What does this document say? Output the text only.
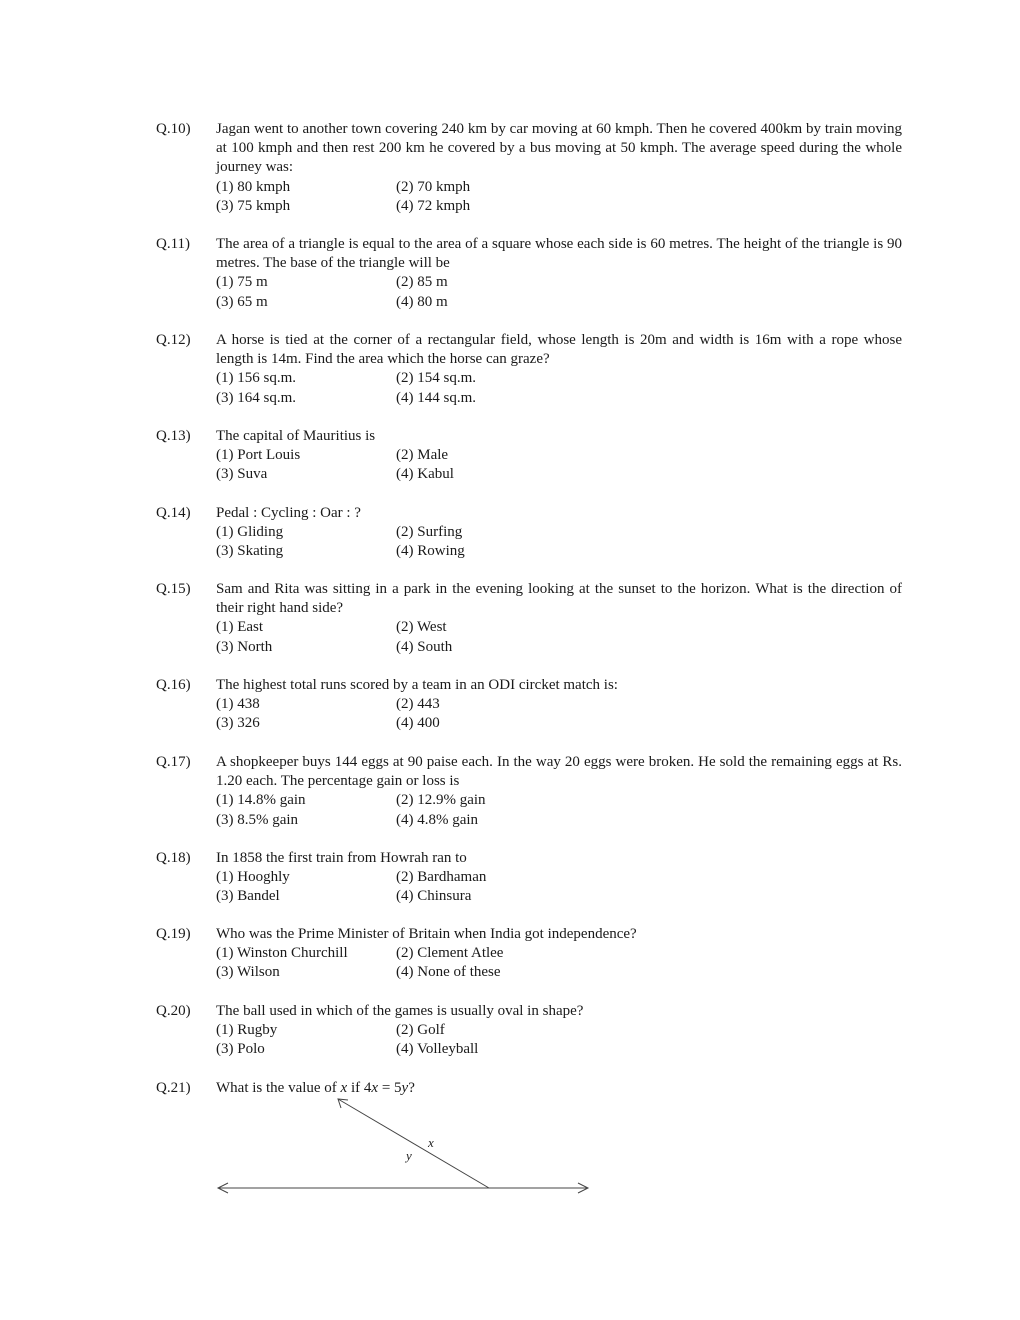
Q.10) Jagan went to another town covering 240 km by car moving at 60 kmph. Then he covered 400km by train moving at 100 kmph and then rest 200 km he covered by a bus moving at 50 kmph. The average speed during the whole journey was:
(1) 80 kmph	(2) 70 kmph
(3) 75 kmph	(4) 72 kmph
Q.11) The area of a triangle is equal to the area of a square whose each side is 60 metres. The height of the triangle is 90 metres. The base of the triangle will be
(1) 75 m	(2) 85 m
(3) 65 m	(4) 80 m
Q.12) A horse is tied at the corner of a rectangular field, whose length is 20m and width is 16m with a rope whose length is 14m. Find the area which the horse can graze?
(1) 156 sq.m.	(2) 154 sq.m.
(3) 164 sq.m.	(4) 144 sq.m.
Q.13) The capital of Mauritius is
(1) Port Louis	(2) Male
(3) Suva	(4) Kabul
Q.14) Pedal : Cycling : Oar : ?
(1) Gliding	(2) Surfing
(3) Skating	(4) Rowing
Q.15) Sam and Rita was sitting in a park in the evening looking at the sunset to the horizon. What is the direction of their right hand side?
(1) East	(2) West
(3) North	(4) South
Q.16) The highest total runs scored by a team in an ODI circket match is:
(1) 438	(2) 443
(3) 326	(4) 400
Q.17) A shopkeeper buys 144 eggs at 90 paise each. In the way 20 eggs were broken. He sold the remaining eggs at Rs. 1.20 each. The percentage gain or loss is
(1) 14.8% gain	(2) 12.9% gain
(3) 8.5% gain	(4) 4.8% gain
Q.18) In 1858 the first train from Howrah ran to
(1) Hooghly	(2) Bardhaman
(3) Bandel	(4) Chinsura
Q.19) Who was the Prime Minister of Britain when India got independence?
(1) Winston Churchill	(2) Clement Atlee
(3) Wilson	(4) None of these
Q.20) The ball used in which of the games is usually oval in shape?
(1) Rugby	(2) Golf
(3) Polo	(4) Volleyball
Q.21) What is the value of x if 4x = 5y?
x
y
